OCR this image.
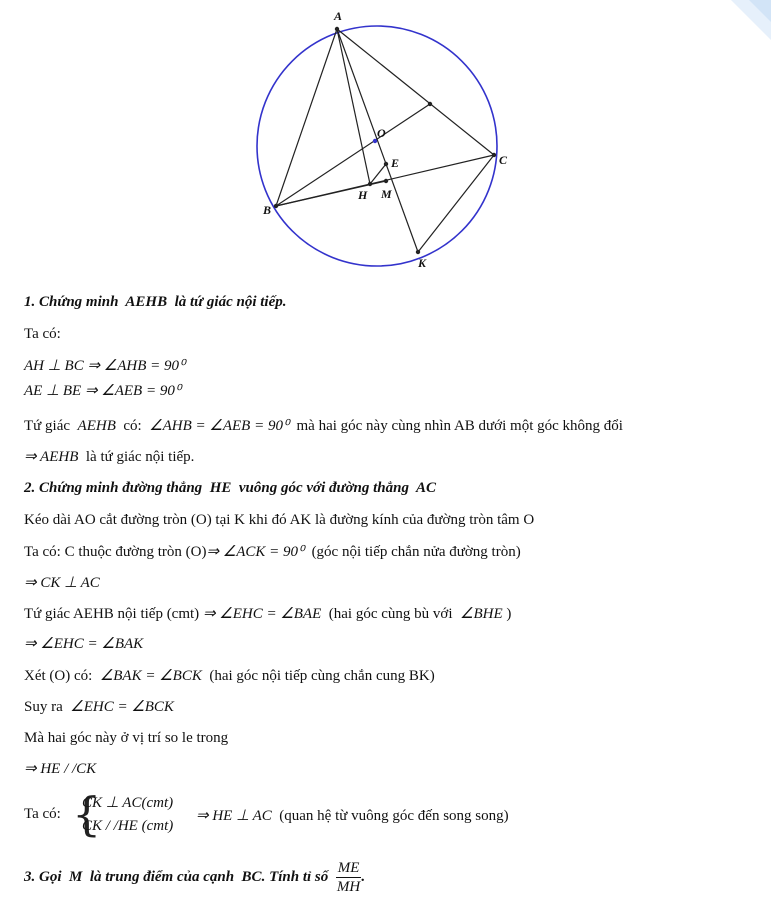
A
B
C
O
E
H M
K
1. Chứng minh AEHB là tứ giác nội tiếp.
Ta có:
AH ⊥ BC ⇒ ∠AHB = 90⁰
AE ⊥ BE ⇒ ∠AEB = 90⁰
Tứ giác AEHB có: ∠AHB = ∠AEB = 90⁰ mà hai góc này cùng nhìn AB dưới một góc không đổi
⇒ AEHB là tứ giác nội tiếp.
2. Chứng minh đường thẳng HE vuông góc với đường thẳng AC
Kéo dài AO cắt đường tròn (O) tại K khi đó AK là đường kính của đường tròn tâm O
Ta có: C thuộc đường tròn (O)⇒ ∠ACK = 90⁰ (góc nội tiếp chắn nửa đường tròn)
⇒ CK ⊥ AC
Tứ giác AEHB nội tiếp (cmt) ⇒ ∠EHC = ∠BAE (hai góc cùng bù với ∠BHE )
⇒ ∠EHC = ∠BAK
Xét (O) có: ∠BAK = ∠BCK (hai góc nội tiếp cùng chắn cung BK)
Suy ra ∠EHC = ∠BCK
Mà hai góc này ở vị trí so le trong
⇒ HE / /CK
Ta có: {
CK ⊥ AC(cmt)
CK / /HE (cmt)
⇒ HE ⊥ AC (quan hệ từ vuông góc đến song song)
3. Gọi M là trung điểm của cạnh BC. Tính tỉ số $\frac{ME}{MH}$ .
